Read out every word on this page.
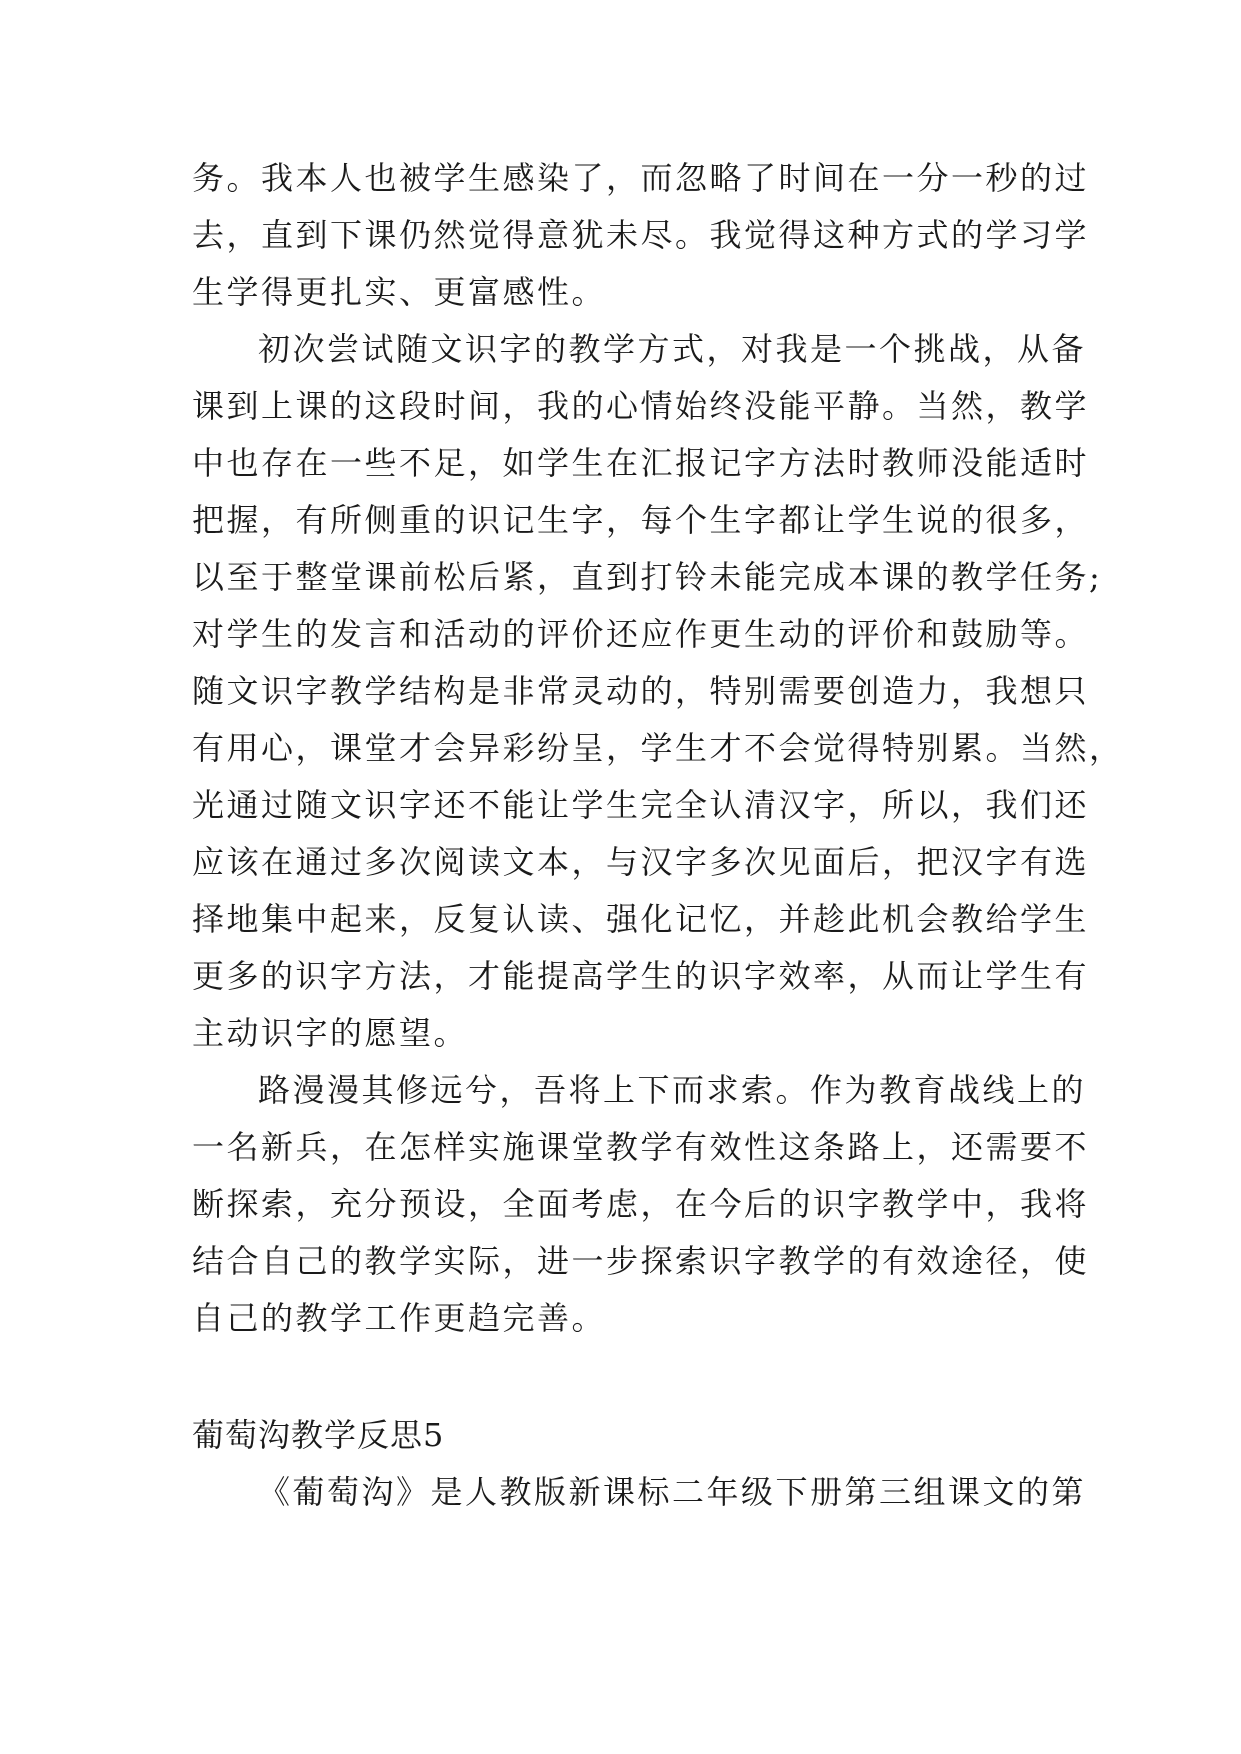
务。我本人也被学生感染了，而忽略了时间在一分一秒的过
去，直到下课仍然觉得意犹未尽。我觉得这种方式的学习学
生学得更扎实、更富感性。
初次尝试随文识字的教学方式，对我是一个挑战，从备
课到上课的这段时间，我的心情始终没能平静。当然，教学
中也存在一些不足，如学生在汇报记字方法时教师没能适时
把握，有所侧重的识记生字，每个生字都让学生说的很多，
以至于整堂课前松后紧，直到打铃未能完成本课的教学任务;
对学生的发言和活动的评价还应作更生动的评价和鼓励等。
随文识字教学结构是非常灵动的，特别需要创造力，我想只
有用心，课堂才会异彩纷呈，学生才不会觉得特别累。当然，
光通过随文识字还不能让学生完全认清汉字，所以，我们还
应该在通过多次阅读文本，与汉字多次见面后，把汉字有选
择地集中起来，反复认读、强化记忆，并趁此机会教给学生
更多的识字方法，才能提高学生的识字效率，从而让学生有
主动识字的愿望。
路漫漫其修远兮，吾将上下而求索。作为教育战线上的
一名新兵，在怎样实施课堂教学有效性这条路上，还需要不
断探索，充分预设，全面考虑，在今后的识字教学中，我将
结合自己的教学实际，进一步探索识字教学的有效途径，使
自己的教学工作更趋完善。
葡萄沟教学反思5
《葡萄沟》是人教版新课标二年级下册第三组课文的第
